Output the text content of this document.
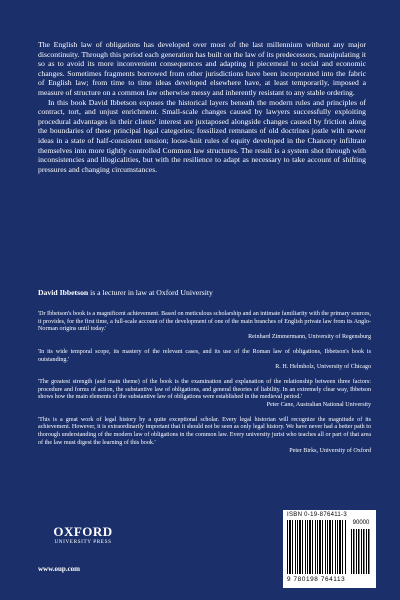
The English law of obligations has developed over most of the last millennium without any major discontinuity. Through this period each generation has built on the law of its predecessors, manipulating it so as to avoid its more inconvenient consequences and adapting it piecemeal to social and economic changes. Sometimes fragments borrowed from other jurisdictions have been incorporated into the fabric of English law; from time to time ideas developed elsewhere have, at least temporarily, imposed a measure of structure on a common law otherwise messy and inherently resistant to any stable ordering.

In this book David Ibbetson exposes the historical layers beneath the modern rules and principles of contract, tort, and unjust enrichment. Small-scale changes caused by lawyers successfully exploiting procedural advantages in their clients' interest are juxtaposed alongside changes caused by friction along the boundaries of these principal legal categories; fossilized remnants of old doctrines jostle with newer ideas in a state of half-consistent tension; loose-knit rules of equity developed in the Chancery infiltrate themselves into more tightly controlled Common law structures. The result is a system shot through with inconsistencies and illogicalities, but with the resilience to adapt as necessary to take account of shifting pressures and changing circumstances.

David Ibbetson is a lecturer in law at Oxford University
'Dr Ibbetson's book is a magnificent achievement. Based on meticulous scholarship and an intimate familiarity with the primary sources, it provides, for the first time, a full-scale account of the development of one of the main branches of English private law from its Anglo-Norman origins until today.'
Reinhard Zimmermann, University of Regensburg
'In its wide temporal scope, its mastery of the relevant cases, and its use of the Roman law of obligations, Ibbetson's book is outstanding.'
R. H. Helmholz, University of Chicago
'The greatest strength (and main theme) of the book is the examination and explanation of the relationship between three factors: procedure and forms of action, the substantive law of obligations, and general theories of liability. In an extremely clear way, Ibbetson shows how the main elements of the substantive law of obligations were established in the medieval period.'
Peter Cane, Australian National University
'This is a great work of legal history by a quite exceptional scholar. Every legal historian will recognize the magnitude of its achievement. However, it is extraordinarily important that it should not be seen as only legal history. We have never had a better path to thorough understanding of the modern law of obligations in the common law. Every university jurist who teaches all or part of that area of the law must digest the learning of this book.'
Peter Birks, University of Oxford
OXFORD
UNIVERSITY PRESS
www.oup.com
ISBN 0-19-876411-3
90000
9 780198 764113
